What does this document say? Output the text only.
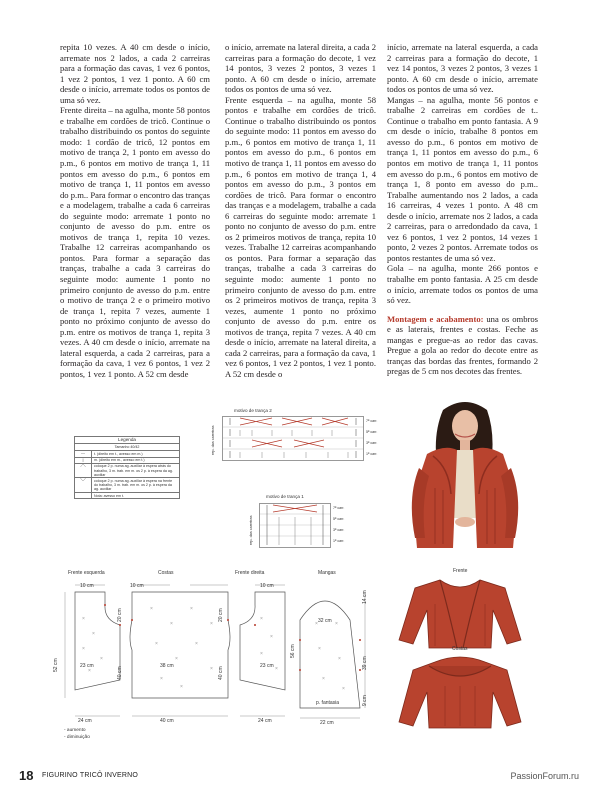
repita 10 vezes. A 40 cm desde o início, arremate nos 2 lados, a cada 2 carreiras para a formação das cavas, 1 vez 6 pontos, 1 vez 2 pontos, 1 vez 1 ponto. A 60 cm desde o início, arremate todos os pontos de uma só vez.

Frente direita – na agulha, monte 58 pontos e trabalhe em cordões de tricô. Continue o trabalho distribuindo os pontos do seguinte modo: 1 cordão de tricô, 12 pontos em motivo de trança 2, 1 ponto em avesso do p.m., 6 pontos em motivo de trança 1, 11 pontos em avesso do p.m., 6 pontos em motivo de trança 1, 11 pontos em avesso do p.m.. Para formar o encontro das tranças e a modelagem, trabalhe a cada 6 carreiras do seguinte modo: arremate 1 ponto no conjunto de avesso do p.m. entre os motivos de trança 1, repita 10 vezes. Trabalhe 12 carreiras acompanhando os pontos. Para formar a separação das tranças, trabalhe a cada 3 carreiras do seguinte modo: aumente 1 ponto no primeiro conjunto de avesso do p.m. entre o motivo de trança 2 e o primeiro motivo de trança 1, repita 7 vezes, aumente 1 ponto no próximo conjunto de avesso do p.m. entre os motivos de trança 1, repita 3 vezes. A 40 cm desde o início, arremate na lateral esquerda, a cada 2 carreiras, para a formação da cava, 1 vez 6 pontos, 1 vez 2 pontos, 1 vez 1 ponto. A 52 cm desde

o início, arremate na lateral direita, a cada 2 carreiras para a formação do decote, 1 vez 14 pontos, 3 vezes 2 pontos, 3 vezes 1 ponto. A 60 cm desde o início, arremate todos os pontos de uma só vez.

Frente esquerda – na agulha, monte 58 pontos e trabalhe em cordões de tricô. Continue o trabalho distribuindo os pontos do seguinte modo: 11 pontos em avesso do p.m., 6 pontos em motivo de trança 1, 11 pontos em avesso do p.m., 6 pontos em motivo de trança 1, 11 pontos em avesso do p.m., 6 pontos em motivo de trança 1, 4 pontos em avesso do p.m., 3 pontos em cordões de tricô. Para formar o encontro das tranças e a modelagem, trabalhe a cada 6 carreiras do seguinte modo: arremate 1 ponto no conjunto de avesso do p.m. entre os 2 primeiros motivos de trança, repita 10 vezes. Trabalhe 12 carreiras acompanhando os pontos. Para formar a separação das tranças, trabalhe a cada 3 carreiras do seguinte modo: aumente 1 ponto no primeiro conjunto de avesso do p.m. entre os 2 primeiros motivos de trança, repita 3 vezes, aumente 1 ponto no próximo conjunto de avesso do p.m. entre os motivos de trança, repita 7 vezes. A 40 cm desde o início, arremate na lateral direita, a cada 2 carreiras, para a formação da cava, 1 vez 6 pontos, 1 vez 2 pontos, 1 vez 1 ponto. A 52 cm desde o

início, arremate na lateral esquerda, a cada 2 carreiras para a formação do decote, 1 vez 14 pontos, 3 vezes 2 pontos, 3 vezes 1 ponto. A 60 cm desde o início, arremate todos os pontos de uma só vez.

Mangas – na agulha, monte 56 pontos e trabalhe 2 carreiras em cordões de t.. Continue o trabalho em ponto fantasia. A 9 cm desde o início, trabalhe 8 pontos em avesso do p.m., 6 pontos em motivo de trança 1, 11 pontos em avesso do p.m., 6 pontos em motivo de trança 1, 11 pontos em avesso do p.m., 6 pontos em motivo de trança 1, 8 ponto em avesso do p.m.. Trabalhe aumentando nos 2 lados, a cada 16 carreiras, 4 vezes 1 ponto. A 48 cm desde o início, arremate nos 2 lados, a cada 2 carreiras, para o arredondado da cava, 1 vez 6 pontos, 1 vez 2 pontos, 14 vezes 1 ponto, 2 vezes 2 pontos. Arremate todos os pontos restantes de uma só vez.

Gola – na agulha, monte 266 pontos e trabalhe em ponto fantasia. A 25 cm desde o início, arremate todos os pontos de uma só vez.

Montagem e acabamento: una os ombros e as laterais, frentes e costas. Feche as mangas e pregue-as ao redor das cavas. Pregue a gola ao redor do decote entre as tranças das bordas das frentes, formando 2 pregas de 5 cm nos decotes das frentes.

Legenda
Tamanho 40/42
—	t. (direito em t., avesso em m.)
|	m. (direito em m., avesso em t.)
⟋⟍	coloque 2 p. numa ag. auxiliar à espera atrás do trabalho, 3 m. trab. em m. os 2 p. à espera da ag. auxiliar
⟍⟋	coloque 2 p. numa ag. auxiliar à espera na frente do trabalho, 3 m. trab. em m. os 2 p. à espera da ag. auxiliar
Nota: avesso em t.
motivo de trança 2
rep. das carreiras
7ª carr.
5ª carr.
3ª carr.
1ª carr.
motivo de trança 1
rep. das carreiras
7ª carr.
5ª carr.
3ª carr.
1ª carr.
Frente esquerda	Costas	Frente direita	Mangas
×
×
×
×
×
×
×
×
×
×
×
×
×
×
×
×
×
×
×
×	×
×
×
×
×
10 cm	10 cm	10 cm
20 cm	20 cm
52 cm
40 cm	40 cm
23 cm	23 cm
38 cm
24 cm	40 cm	24 cm
32 cm
14 cm
39 cm
9 cm
56 cm
p. fantasia
22 cm
- aumento
- diminuição
Frente
Costas
18 FIGURINO TRICÔ INVERNO	PassionForum.ru
